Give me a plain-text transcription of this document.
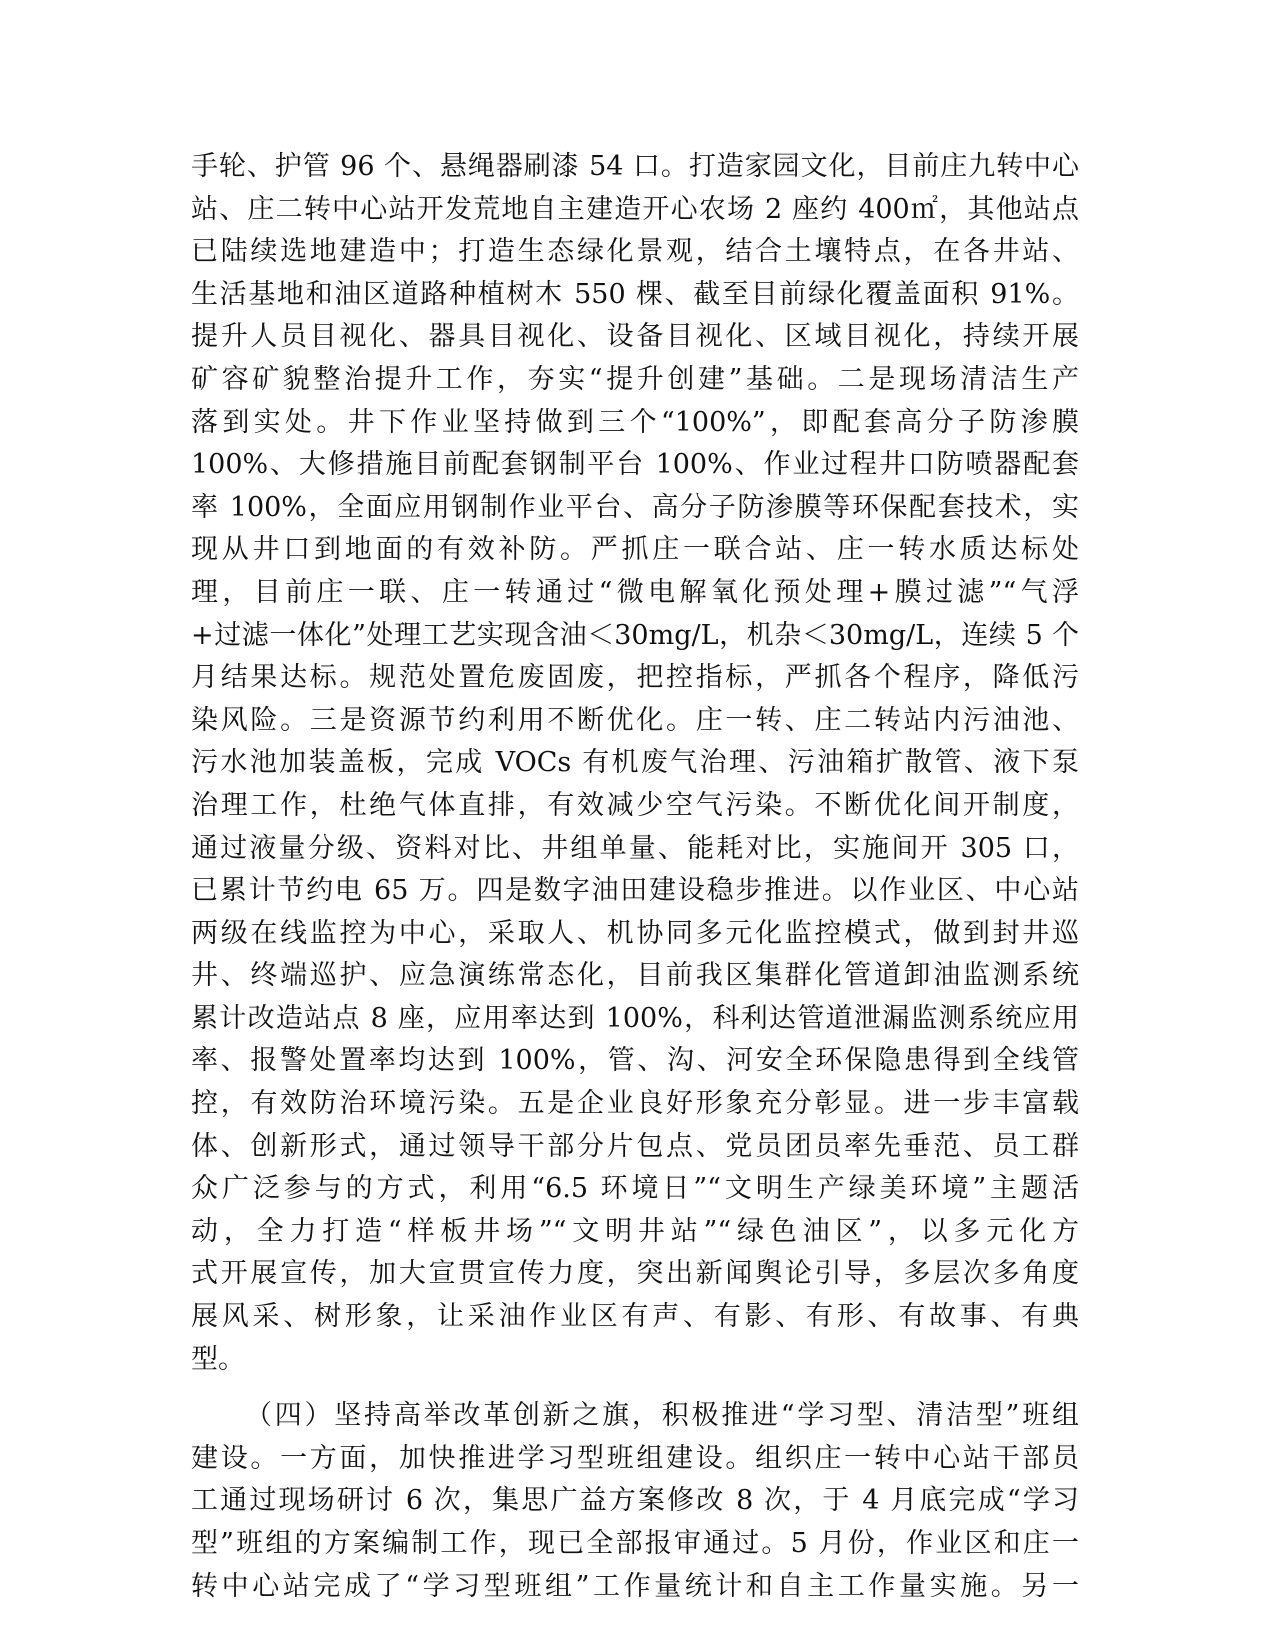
手轮、护管 96 个、悬绳器刷漆 54 口。打造家园文化，目前庄九转中心
站、庄二转中心站开发荒地自主建造开心农场 2 座约 400㎡，其他站点
已陆续选地建造中；打造生态绿化景观，结合土壤特点，在各井站、
生活基地和油区道路种植树木 550 棵、截至目前绿化覆盖面积 91%。
提升人员目视化、器具目视化、设备目视化、区域目视化，持续开展
矿容矿貌整治提升工作，夯实“提升创建”基础。二是现场清洁生产
落到实处。井下作业坚持做到三个“100%”，即配套高分子防渗膜
100%、大修措施目前配套钢制平台 100%、作业过程井口防喷器配套
率 100%，全面应用钢制作业平台、高分子防渗膜等环保配套技术，实
现从井口到地面的有效补防。严抓庄一联合站、庄一转水质达标处
理，目前庄一联、庄一转通过“微电解氧化预处理+膜过滤”“气浮
+过滤一体化”处理工艺实现含油＜30mg/L，机杂＜30mg/L，连续 5 个
月结果达标。规范处置危废固废，把控指标，严抓各个程序，降低污
染风险。三是资源节约利用不断优化。庄一转、庄二转站内污油池、
污水池加装盖板，完成 VOCs 有机废气治理、污油箱扩散管、液下泵
治理工作，杜绝气体直排，有效减少空气污染。不断优化间开制度，
通过液量分级、资料对比、井组单量、能耗对比，实施间开 305 口，
已累计节约电 65 万。四是数字油田建设稳步推进。以作业区、中心站
两级在线监控为中心，采取人、机协同多元化监控模式，做到封井巡
井、终端巡护、应急演练常态化，目前我区集群化管道卸油监测系统
累计改造站点 8 座，应用率达到 100%，科利达管道泄漏监测系统应用
率、报警处置率均达到 100%，管、沟、河安全环保隐患得到全线管
控，有效防治环境污染。五是企业良好形象充分彰显。进一步丰富载
体、创新形式，通过领导干部分片包点、党员团员率先垂范、员工群
众广泛参与的方式，利用“6.5 环境日”“文明生产绿美环境”主题活
动，全力打造“样板井场”“文明井站”“绿色油区”，以多元化方
式开展宣传，加大宣贯宣传力度，突出新闻舆论引导，多层次多角度
展风采、树形象，让采油作业区有声、有影、有形、有故事、有典
型。
（四）坚持高举改革创新之旗，积极推进“学习型、清洁型”班组
建设。一方面，加快推进学习型班组建设。组织庄一转中心站干部员
工通过现场研讨 6 次，集思广益方案修改 8 次，于 4 月底完成“学习
型”班组的方案编制工作，现已全部报审通过。5 月份，作业区和庄一
转中心站完成了“学习型班组”工作量统计和自主工作量实施。另一
